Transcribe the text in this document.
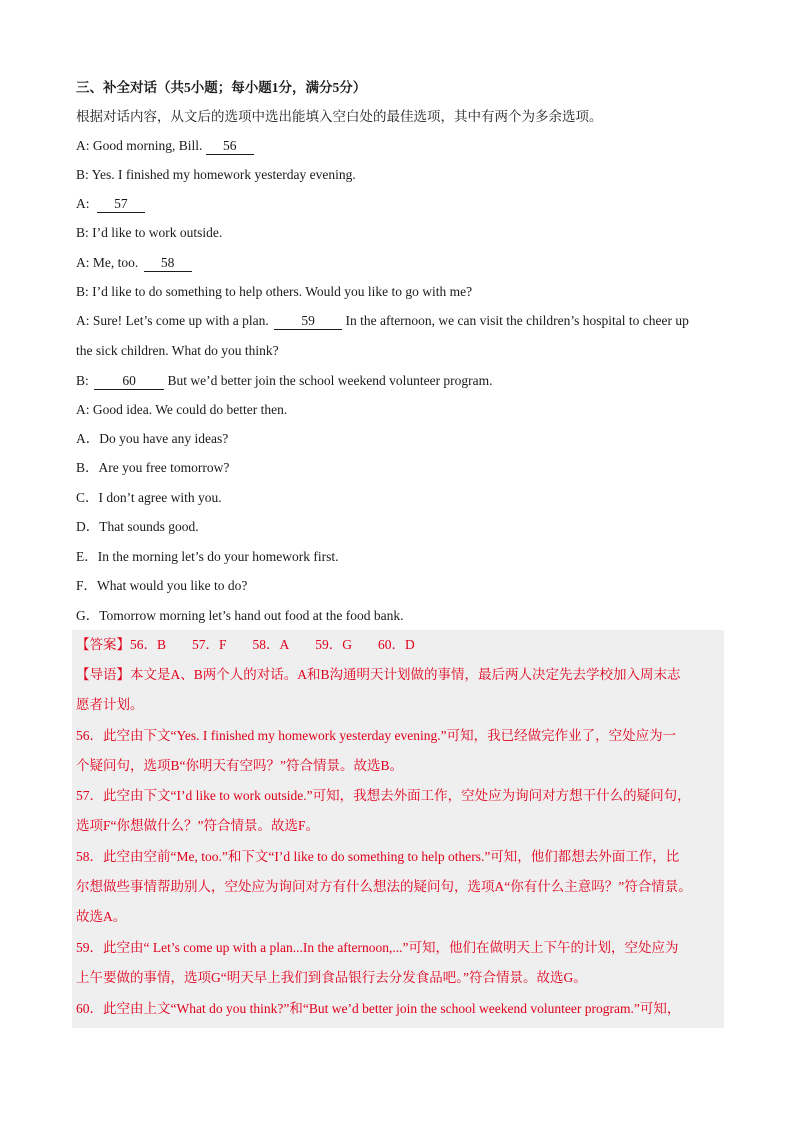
三、补全对话（共5小题；每小题1分，满分5分）
根据对话内容，从文后的选项中选出能填入空白处的最佳选项，其中有两个为多余选项。
A: Good morning, Bill. 56
B: Yes. I finished my homework yesterday evening.
A: 57
B: I’d like to work outside.
A: Me, too. 58
B: I’d like to do something to help others. Would you like to go with me?
A: Sure! Let’s come up with a plan. 59 In the afternoon, we can visit the children’s hospital to cheer up
the sick children. What do you think?
B: 60 But we’d better join the school weekend volunteer program.
A: Good idea. We could do better then.
A．Do you have any ideas?
B．Are you free tomorrow?
C．I don’t agree with you.
D．That sounds good.
E．In the morning let’s do your homework first.
F．What would you like to do?
G．Tomorrow morning let’s hand out food at the food bank.
【答案】56．B 57．F 58．A 59．G 60．D
【导语】本文是A、B两个人的对话。A和B沟通明天计划做的事情，最后两人决定先去学校加入周末志
愿者计划。
56．此空由下文“Yes. I finished my homework yesterday evening.”可知，我已经做完作业了，空处应为一
个疑问句，选项B“你明天有空吗？”符合情景。故选B。
57．此空由下文“I’d like to work outside.”可知，我想去外面工作，空处应为询问对方想干什么的疑问句，
选项F“你想做什么？”符合情景。故选F。
58．此空由空前“Me, too.”和下文“I’d like to do something to help others.”可知，他们都想去外面工作，比
尔想做些事情帮助别人，空处应为询问对方有什么想法的疑问句，选项A“你有什么主意吗？”符合情景。
故选A。
59．此空由“ Let’s come up with a plan...In the afternoon,...”可知，他们在做明天上下午的计划，空处应为
上午要做的事情，选项G“明天早上我们到食品银行去分发食品吧。”符合情景。故选G。
60．此空由上文“What do you think?”和“But we’d better join the school weekend volunteer program.”可知，
